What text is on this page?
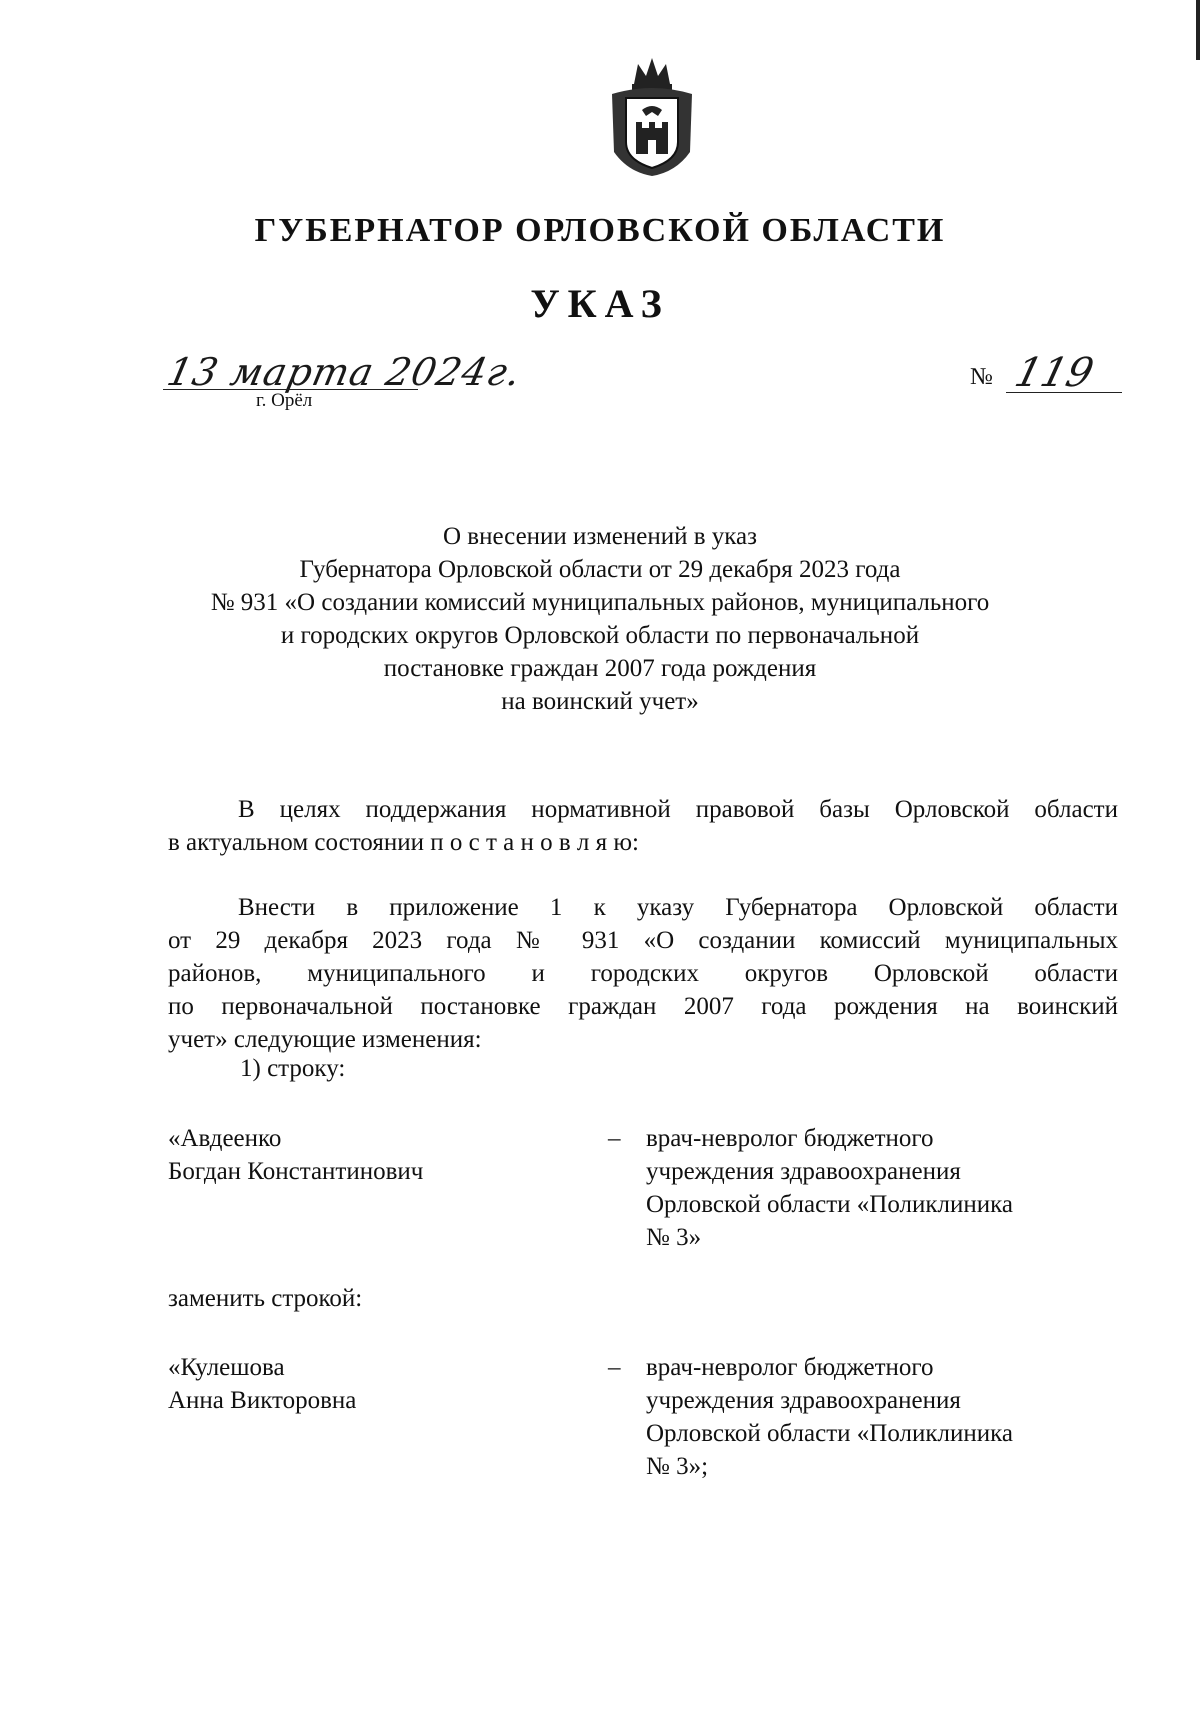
ГУБЕРНАТОР ОРЛОВСКОЙ ОБЛАСТИ
УКАЗ
13 марта 2024г.
г. Орёл
№ 119
О внесении изменений в указ
Губернатора Орловской области от 29 декабря 2023 года
№ 931 «О создании комиссий муниципальных районов, муниципального
и городских округов Орловской области по первоначальной
постановке граждан 2007 года рождения
на воинский учет»

В целях поддержания нормативной правовой базы Орловской области

в актуальном состоянии п о с т а н о в л я ю:

Внести в приложение 1 к указу Губернатора Орловской области

от 29 декабря 2023 года № 931 «О создании комиссий муниципальных

районов, муниципального и городских округов Орловской области

по первоначальной постановке граждан 2007 года рождения на воинский

учет» следующие изменения:

1) строку:
«Авдеенко
Богдан Константинович
– врач-невролог бюджетного
учреждения здравоохранения
Орловской области «Поликлиника
№ 3»
заменить строкой:
«Кулешова
Анна Викторовна
– врач-невролог бюджетного
учреждения здравоохранения
Орловской области «Поликлиника
№ 3»;
